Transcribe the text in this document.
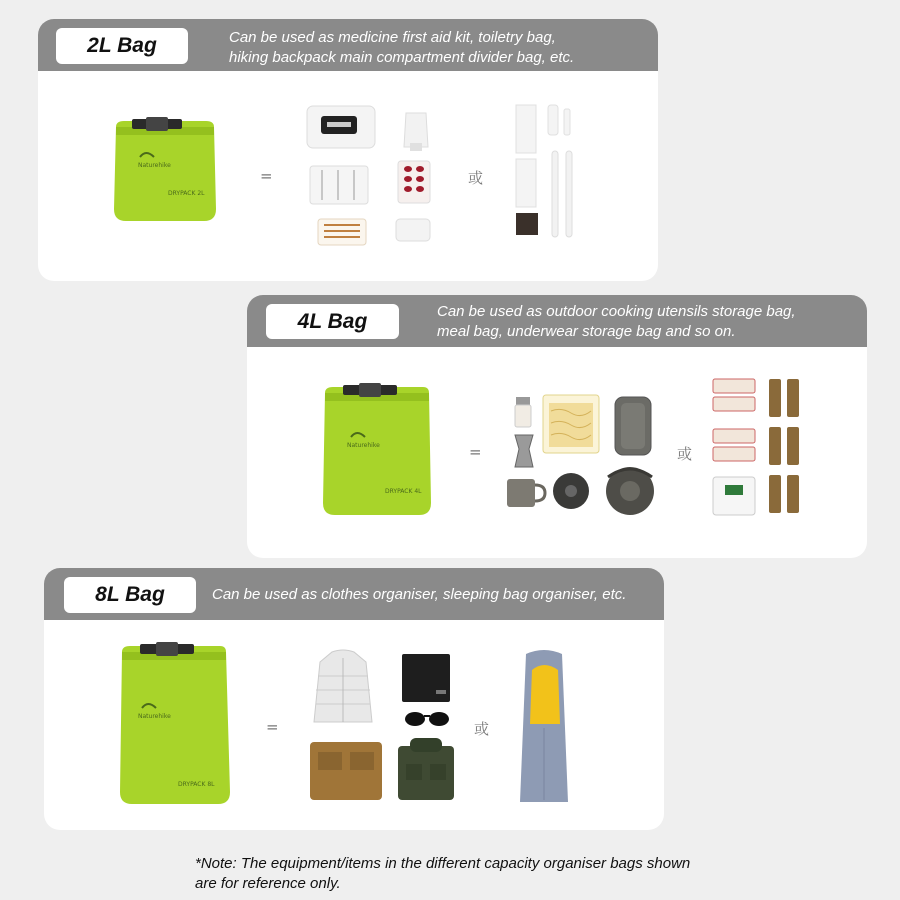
2L Bag	Can be used as medicine first aid kit, toiletry bag,
hiking backpack main compartment divider bag, etc.
Naturehike
DRYPACK 2L
=	或
4L Bag	Can be used as outdoor cooking utensils storage bag,
meal bag, underwear storage bag and so on.
Naturehike
DRYPACK 4L
=	或
8L Bag	Can be used as clothes organiser, sleeping bag organiser, etc.
Naturehike
DRYPACK 8L
=	或
*Note: The equipment/items in the different capacity organiser bags shown
are for reference only.
